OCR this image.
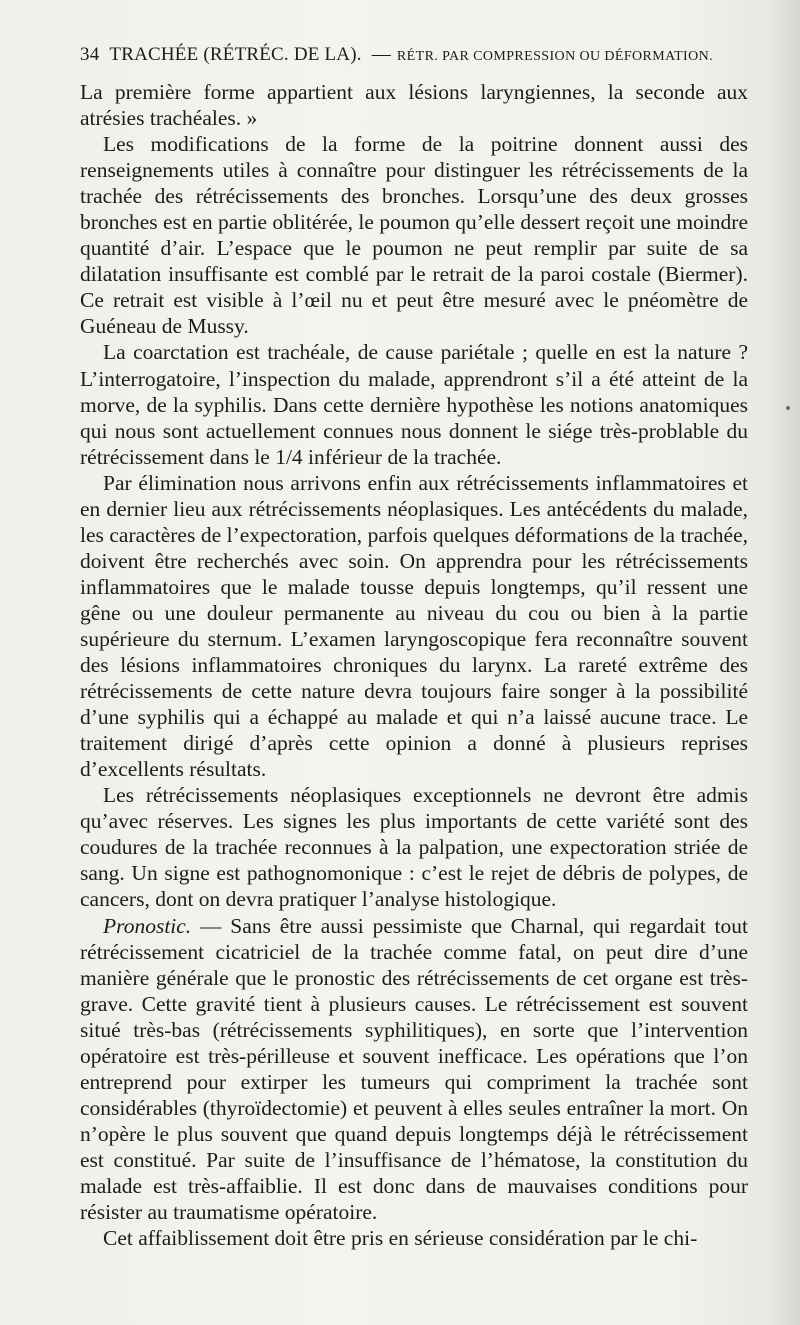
34 TRACHÉE (RÉTRÉC. DE LA). — RÉTR. PAR COMPRESSION OU DÉFORMATION.

La première forme appartient aux lésions laryngiennes, la seconde aux atrésies trachéales. »

Les modifications de la forme de la poitrine donnent aussi des renseignements utiles à connaître pour distinguer les rétrécissements de la trachée des rétrécissements des bronches. Lorsqu’une des deux grosses bronches est en partie oblitérée, le poumon qu’elle dessert reçoit une moindre quantité d’air. L’espace que le poumon ne peut remplir par suite de sa dilatation insuffisante est comblé par le retrait de la paroi costale (Biermer). Ce retrait est visible à l’œil nu et peut être mesuré avec le pnéomètre de Guéneau de Mussy.

La coarctation est trachéale, de cause pariétale ; quelle en est la nature ? L’interrogatoire, l’inspection du malade, apprendront s’il a été atteint de la morve, de la syphilis. Dans cette dernière hypothèse les notions anatomiques qui nous sont actuellement connues nous donnent le siége très-problable du rétrécissement dans le 1/4 inférieur de la trachée.

Par élimination nous arrivons enfin aux rétrécissements inflammatoires et en dernier lieu aux rétrécissements néoplasiques. Les antécédents du malade, les caractères de l’expectoration, parfois quelques déformations de la trachée, doivent être recherchés avec soin. On apprendra pour les rétrécissements inflammatoires que le malade tousse depuis longtemps, qu’il ressent une gêne ou une douleur permanente au niveau du cou ou bien à la partie supérieure du sternum. L’examen laryngoscopique fera reconnaître souvent des lésions inflammatoires chroniques du larynx. La rareté extrême des rétrécissements de cette nature devra toujours faire songer à la possibilité d’une syphilis qui a échappé au malade et qui n’a laissé aucune trace. Le traitement dirigé d’après cette opinion a donné à plusieurs reprises d’excellents résultats.

Les rétrécissements néoplasiques exceptionnels ne devront être admis qu’avec réserves. Les signes les plus importants de cette variété sont des coudures de la trachée reconnues à la palpation, une expectoration striée de sang. Un signe est pathognomonique : c’est le rejet de débris de polypes, de cancers, dont on devra pratiquer l’analyse histologique.

Pronostic. — Sans être aussi pessimiste que Charnal, qui regardait tout rétrécissement cicatriciel de la trachée comme fatal, on peut dire d’une manière générale que le pronostic des rétrécissements de cet organe est très-grave. Cette gravité tient à plusieurs causes. Le rétrécissement est souvent situé très-bas (rétrécissements syphilitiques), en sorte que l’intervention opératoire est très-périlleuse et souvent inefficace. Les opérations que l’on entreprend pour extirper les tumeurs qui compriment la trachée sont considérables (thyroïdectomie) et peuvent à elles seules entraîner la mort. On n’opère le plus souvent que quand depuis longtemps déjà le rétrécissement est constitué. Par suite de l’insuffisance de l’hématose, la constitution du malade est très-affaiblie. Il est donc dans de mauvaises conditions pour résister au traumatisme opératoire.

Cet affaiblissement doit être pris en sérieuse considération par le chi-
